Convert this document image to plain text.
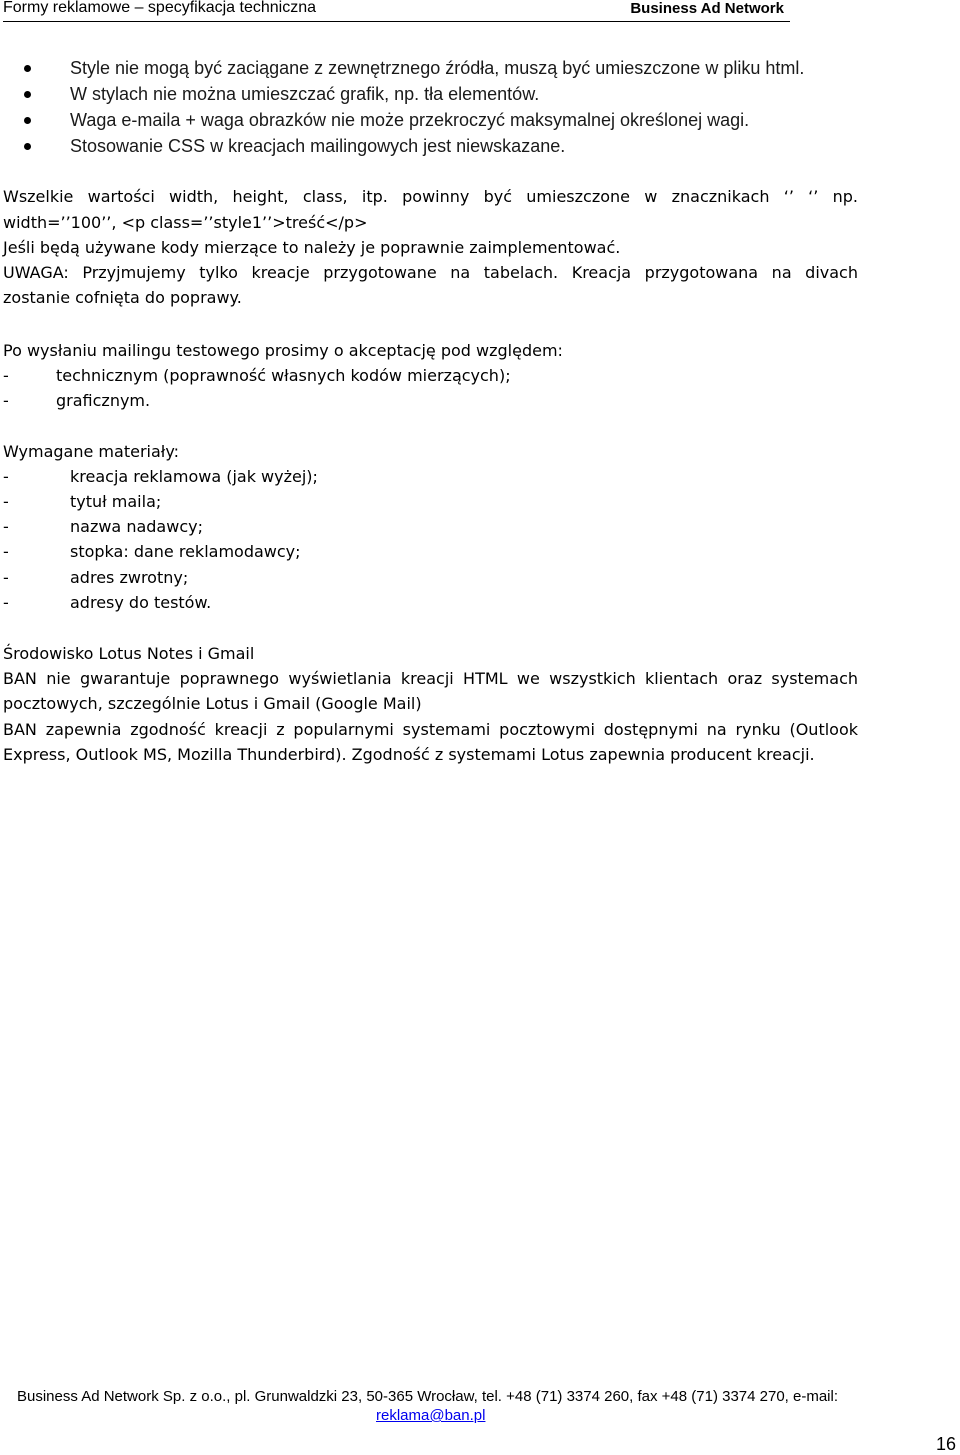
Formy reklamowe – specyfikacja techniczna	Business Ad Network
Style nie mogą być zaciągane z zewnętrznego źródła, muszą być umieszczone w pliku html.
W stylach nie można umieszczać grafik, np. tła elementów.
Waga e-maila + waga obrazków nie może przekroczyć maksymalnej określonej wagi.
Stosowanie CSS w kreacjach mailingowych jest niewskazane.
Wszelkie wartości width, height, class, itp. powinny być umieszczone w znacznikach ‘’ ‘’ np.
width=’’100’’, <p class=’’style1’’>treść</p>
Jeśli będą używane kody mierzące to należy je poprawnie zaimplementować.
UWAGA: Przyjmujemy tylko kreacje przygotowane na tabelach. Kreacja przygotowana na divach
zostanie cofnięta do poprawy.
Po wysłaniu mailingu testowego prosimy o akceptację pod względem:
-	technicznym (poprawność własnych kodów mierzących);
-	graficznym.
Wymagane materiały:
-	kreacja reklamowa (jak wyżej);
-	tytuł maila;
-	nazwa nadawcy;
-	stopka: dane reklamodawcy;
-	adres zwrotny;
-	adresy do testów.
Środowisko Lotus Notes i Gmail
BAN nie gwarantuje poprawnego wyświetlania kreacji HTML we wszystkich klientach oraz systemach
pocztowych, szczególnie Lotus i Gmail (Google Mail)
BAN zapewnia zgodność kreacji z popularnymi systemami pocztowymi dostępnymi na rynku (Outlook
Express, Outlook MS, Mozilla Thunderbird). Zgodność z systemami Lotus zapewnia producent kreacji.
Business Ad Network Sp. z o.o., pl. Grunwaldzki 23, 50-365 Wrocław, tel. +48 (71) 3374 260, fax +48 (71) 3374 270, e-mail:
reklama@ban.pl
16
